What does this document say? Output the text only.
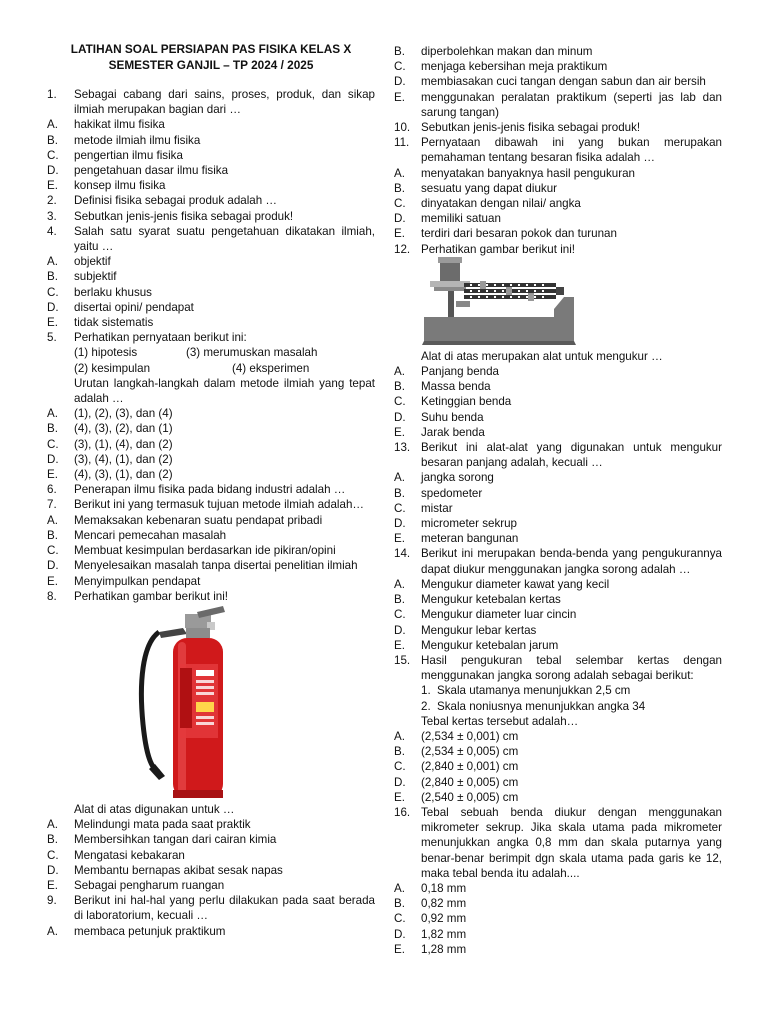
LATIHAN SOAL PERSIAPAN PAS FISIKA KELAS X
SEMESTER GANJIL – TP 2024 / 2025
1. Sebagai cabang dari sains, proses, produk, dan sikap ilmiah merupakan bagian dari …
A. hakikat ilmu fisika
B. metode ilmiah ilmu fisika
C. pengertian ilmu fisika
D. pengetahuan dasar ilmu fisika
E. konsep ilmu fisika
2. Definisi fisika sebagai produk adalah …
3. Sebutkan jenis-jenis fisika sebagai produk!
4. Salah satu syarat suatu pengetahuan dikatakan ilmiah, yaitu …
A. objektif
B. subjektif
C. berlaku khusus
D. disertai opini/ pendapat
E. tidak sistematis
5. Perhatikan pernyataan berikut ini:
(1) hipotesis	(3) merumuskan masalah
(2) kesimpulan	(4) eksperimen
Urutan langkah-langkah dalam metode ilmiah yang tepat adalah …
A. (1), (2), (3), dan (4)
B. (4), (3), (2), dan (1)
C. (3), (1), (4), dan (2)
D. (3), (4), (1), dan (2)
E. (4), (3), (1), dan (2)
6. Penerapan ilmu fisika pada bidang industri adalah …
7. Berikut ini yang termasuk tujuan metode ilmiah adalah…
A. Memaksakan kebenaran suatu pendapat pribadi
B. Mencari pemecahan masalah
C. Membuat kesimpulan berdasarkan ide pikiran/opini
D. Menyelesaikan masalah tanpa disertai penelitian ilmiah
E. Menyimpulkan pendapat
8. Perhatikan gambar berikut ini!
Alat di atas digunakan untuk …
A. Melindungi mata pada saat praktik
B. Membersihkan tangan dari cairan kimia
C. Mengatasi kebakaran
D. Membantu bernapas akibat sesak napas
E. Sebagai pengharum ruangan
9. Berikut ini hal-hal yang perlu dilakukan pada saat berada di laboratorium, kecuali …
A. membaca petunjuk praktikum
B. diperbolehkan makan dan minum
C. menjaga kebersihan meja praktikum
D. membiasakan cuci tangan dengan sabun dan air bersih
E. menggunakan peralatan praktikum (seperti jas lab dan sarung tangan)
10. Sebutkan jenis-jenis fisika sebagai produk!
11. Pernyataan dibawah ini yang bukan merupakan pemahaman tentang besaran fisika adalah …
A. menyatakan banyaknya hasil pengukuran
B. sesuatu yang dapat diukur
C. dinyatakan dengan nilai/ angka
D. memiliki satuan
E. terdiri dari besaran pokok dan turunan
12. Perhatikan gambar berikut ini!
Alat di atas merupakan alat untuk mengukur …
A. Panjang benda
B. Massa benda
C. Ketinggian benda
D. Suhu benda
E. Jarak benda
13. Berikut ini alat-alat yang digunakan untuk mengukur besaran panjang adalah, kecuali …
A. jangka sorong
B. spedometer
C. mistar
D. micrometer sekrup
E. meteran bangunan
14. Berikut ini merupakan benda-benda yang pengukurannya dapat diukur menggunakan jangka sorong adalah …
A. Mengukur diameter kawat yang kecil
B. Mengukur ketebalan kertas
C. Mengukur diameter luar cincin
D. Mengukur lebar kertas
E. Mengukur ketebalan jarum
15. Hasil pengukuran tebal selembar kertas dengan menggunakan jangka sorong adalah sebagai berikut:
1. Skala utamanya menunjukkan 2,5 cm
2. Skala noniusnya menunjukkan angka 34
Tebal kertas tersebut adalah…
A. (2,534 ± 0,001) cm
B. (2,534 ± 0,005) cm
C. (2,840 ± 0,001) cm
D. (2,840 ± 0,005) cm
E. (2,540 ± 0,005) cm
16. Tebal sebuah benda diukur dengan menggunakan mikrometer sekrup. Jika skala utama pada mikrometer menunjukkan angka 0,8 mm dan skala putarnya yang benar-benar berimpit dgn skala utama pada garis ke 12, maka tebal benda itu adalah....
A. 0,18 mm
B. 0,82 mm
C. 0,92 mm
D. 1,82 mm
E. 1,28 mm
